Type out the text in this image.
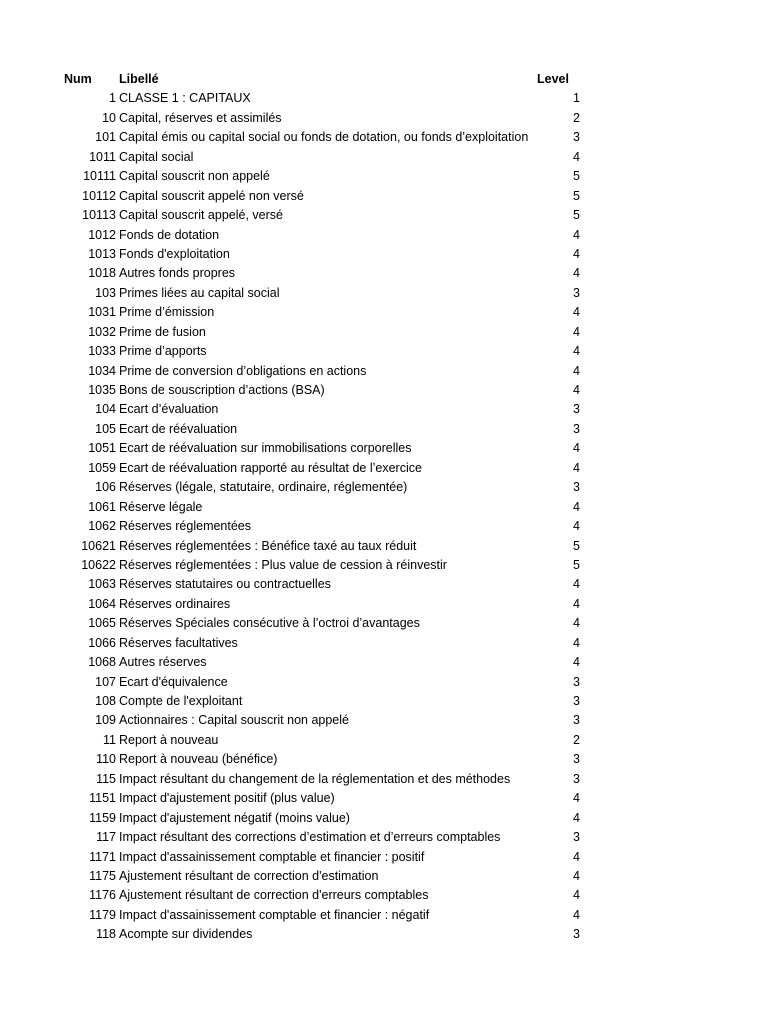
Num	Libellé	Level
1 CLASSE 1 : CAPITAUX	1
10 Capital, réserves et assimilés	2
101 Capital émis ou capital social ou fonds de dotation, ou fonds d’exploitation	3
1011 Capital social	4
10111 Capital souscrit non appelé	5
10112 Capital souscrit appelé non versé	5
10113 Capital souscrit appelé, versé	5
1012 Fonds de dotation	4
1013 Fonds d'exploitation	4
1018 Autres fonds propres	4
103 Primes liées au capital social	3
1031 Prime d’émission	4
1032 Prime de fusion	4
1033 Prime d’apports	4
1034 Prime de conversion d’obligations en actions	4
1035 Bons de souscription d’actions (BSA)	4
104 Ecart d’évaluation	3
105 Ecart de réévaluation	3
1051 Ecart de réévaluation sur immobilisations corporelles	4
1059 Ecart de réévaluation rapporté au résultat de l’exercice	4
106 Réserves (légale, statutaire, ordinaire, réglementée)	3
1061 Réserve légale	4
1062 Réserves réglementées	4
10621 Réserves réglementées : Bénéfice taxé au taux réduit	5
10622 Réserves réglementées : Plus value de cession à réinvestir	5
1063 Réserves statutaires ou contractuelles	4
1064 Réserves ordinaires	4
1065 Réserves Spéciales consécutive à l’octroi d’avantages	4
1066 Réserves facultatives	4
1068 Autres réserves	4
107 Ecart d'équivalence	3
108 Compte de l'exploitant	3
109 Actionnaires : Capital souscrit non appelé	3
11 Report à nouveau	2
110 Report à nouveau (bénéfice)	3
115 Impact résultant du changement de la réglementation et des méthodes	3
1151 Impact d'ajustement positif (plus value)	4
1159 Impact d'ajustement négatif (moins value)	4
117 Impact résultant des corrections d’estimation et d’erreurs comptables	3
1171 Impact d'assainissement comptable et financier : positif	4
1175 Ajustement résultant de correction d'estimation	4
1176 Ajustement résultant de correction d'erreurs comptables	4
1179 Impact d'assainissement comptable et financier : négatif	4
118 Acompte sur dividendes	3
